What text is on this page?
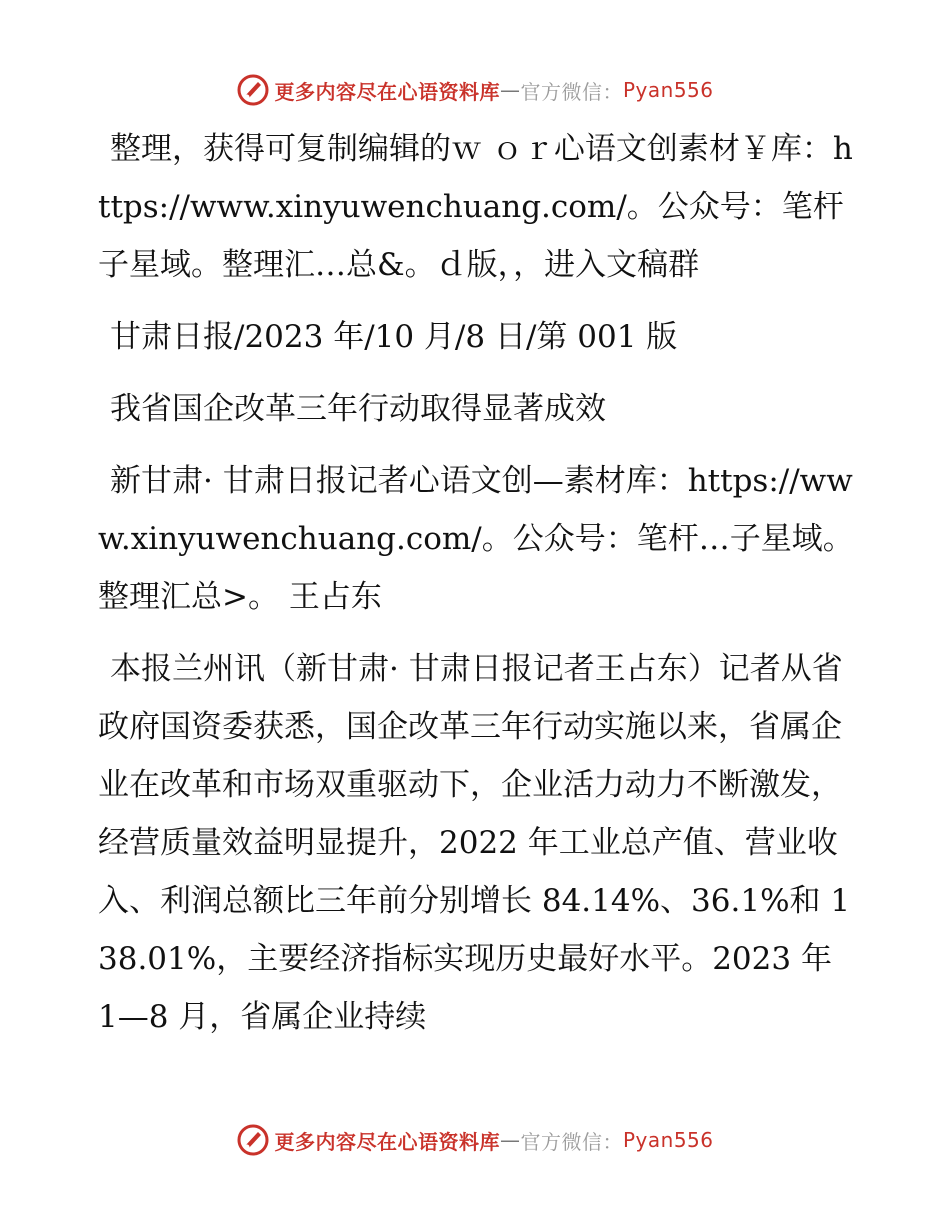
更多内容尽在心语资料库 — 官方微信： Pyan556

整理，获得可复制编辑的ｗ ｏｒ心语文创素材￥库：https://www.xinyuwenchuang.com/。公众号：笔杆子星域。整理汇…总&。ｄ版，，进入文稿群

甘肃日报/2023 年/10 月/8 日/第 001 版

我省国企改革三年行动取得显著成效

新甘肃· 甘肃日报记者心语文创—素材库：https://www.xinyuwenchuang.com/。公众号：笔杆…子星域。整理汇总>。 王占东

本报兰州讯（新甘肃· 甘肃日报记者王占东）记者从省政府国资委获悉，国企改革三年行动实施以来，省属企业在改革和市场双重驱动下，企业活力动力不断激发，经营质量效益明显提升，2022 年工业总产值、营业收入、利润总额比三年前分别增长 84.14%、36.1%和 138.01%，主要经济指标实现历史最好水平。2023 年 1—8 月，省属企业持续

更多内容尽在心语资料库 — 官方微信： Pyan556
